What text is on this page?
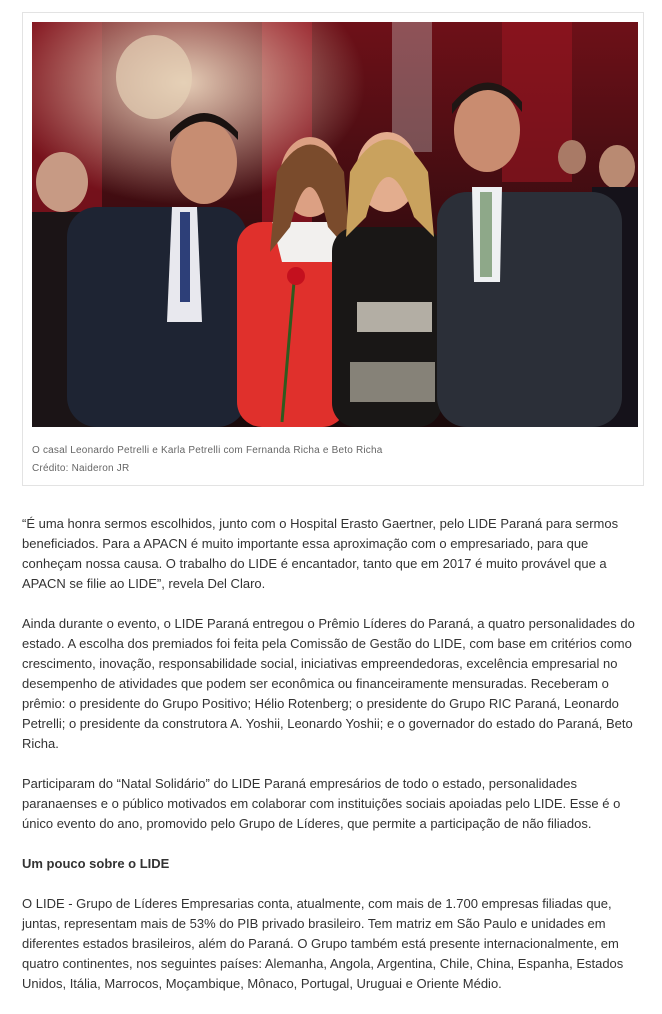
O casal Leonardo Petrelli e Karla Petrelli com Fernanda Richa e Beto Richa
Crédito: Naideron JR

“É uma honra sermos escolhidos, junto com o Hospital Erasto Gaertner, pelo LIDE Paraná para sermos beneficiados. Para a APACN é muito importante essa aproximação com o empresariado, para que conheçam nossa causa. O trabalho do LIDE é encantador, tanto que em 2017 é muito provável que a APACN se filie ao LIDE”, revela Del Claro.

Ainda durante o evento, o LIDE Paraná entregou o Prêmio Líderes do Paraná, a quatro personalidades do estado. A escolha dos premiados foi feita pela Comissão de Gestão do LIDE, com base em critérios como crescimento, inovação, responsabilidade social, iniciativas empreendedoras, excelência empresarial no desempenho de atividades que podem ser econômica ou financeiramente mensuradas. Receberam o prêmio: o presidente do Grupo Positivo; Hélio Rotenberg; o presidente do Grupo RIC Paraná, Leonardo Petrelli; o presidente da construtora A. Yoshii, Leonardo Yoshii; e o governador do estado do Paraná, Beto Richa.

Participaram do “Natal Solidário” do LIDE Paraná empresários de todo o estado, personalidades paranaenses e o público motivados em colaborar com instituições sociais apoiadas pelo LIDE. Esse é o único evento do ano, promovido pelo Grupo de Líderes, que permite a participação de não filiados.

Um pouco sobre o LIDE

O LIDE - Grupo de Líderes Empresarias conta, atualmente, com mais de 1.700 empresas filiadas que, juntas, representam mais de 53% do PIB privado brasileiro. Tem matriz em São Paulo e unidades em diferentes estados brasileiros, além do Paraná. O Grupo também está presente internacionalmente, em quatro continentes, nos seguintes países: Alemanha, Angola, Argentina, Chile, China, Espanha, Estados Unidos, Itália, Marrocos, Moçambique, Mônaco, Portugal, Uruguai e Oriente Médio.
